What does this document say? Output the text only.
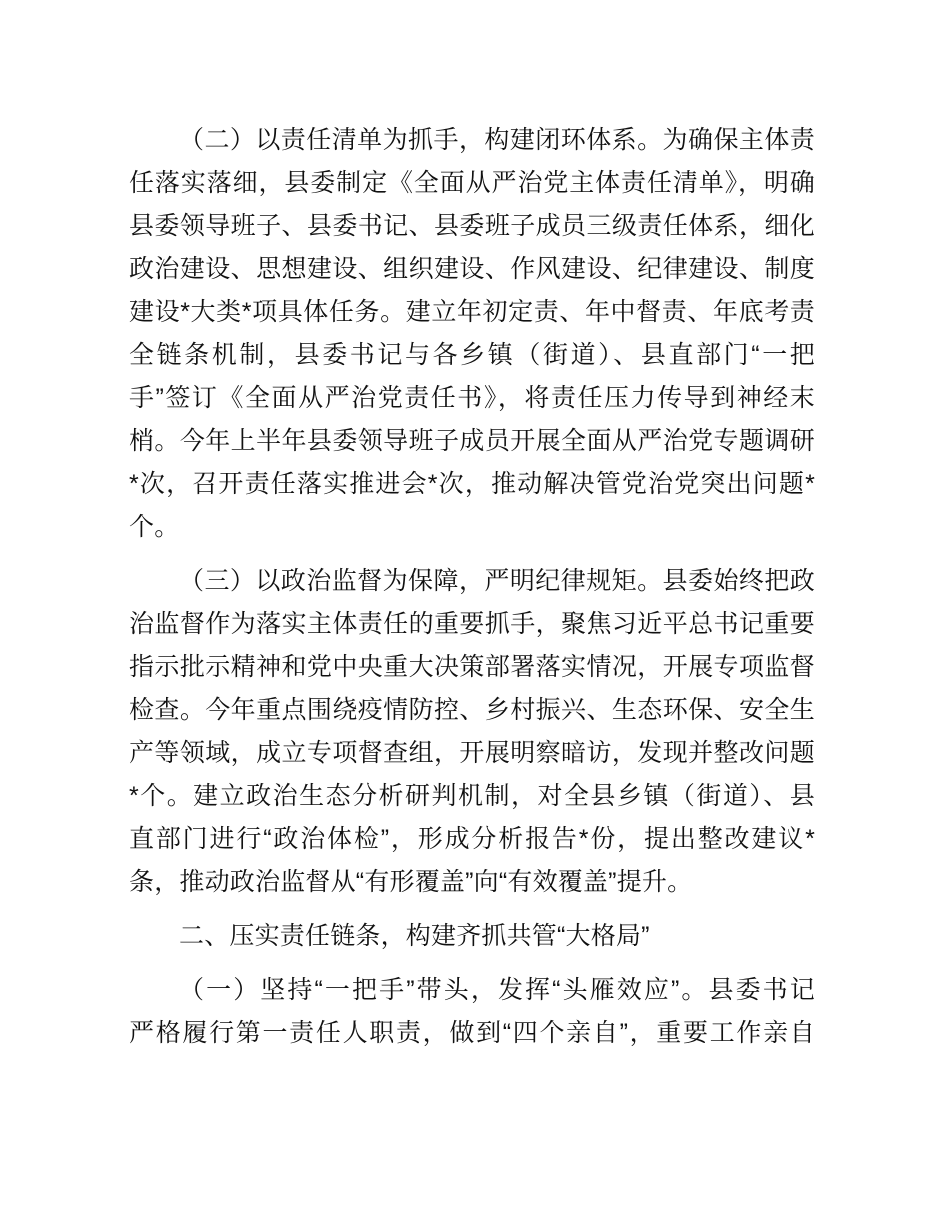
（二）以责任清单为抓手，构建闭环体系。为确保主体责
任落实落细，县委制定《全面从严治党主体责任清单》，明确
县委领导班子、县委书记、县委班子成员三级责任体系，细化
政治建设、思想建设、组织建设、作风建设、纪律建设、制度
建设*大类*项具体任务。建立年初定责、年中督责、年底考责
全链条机制，县委书记与各乡镇（街道）、县直部门“一把
手”签订《全面从严治党责任书》，将责任压力传导到神经末
梢。今年上半年县委领导班子成员开展全面从严治党专题调研
*次，召开责任落实推进会*次，推动解决管党治党突出问题*
个。
（三）以政治监督为保障，严明纪律规矩。县委始终把政
治监督作为落实主体责任的重要抓手，聚焦习近平总书记重要
指示批示精神和党中央重大决策部署落实情况，开展专项监督
检查。今年重点围绕疫情防控、乡村振兴、生态环保、安全生
产等领域，成立专项督查组，开展明察暗访，发现并整改问题
*个。建立政治生态分析研判机制，对全县乡镇（街道）、县
直部门进行“政治体检”，形成分析报告*份，提出整改建议*
条，推动政治监督从“有形覆盖”向“有效覆盖”提升。
二、压实责任链条，构建齐抓共管“大格局”
（一）坚持“一把手”带头，发挥“头雁效应”。县委书记
严格履行第一责任人职责，做到“四个亲自”，重要工作亲自
